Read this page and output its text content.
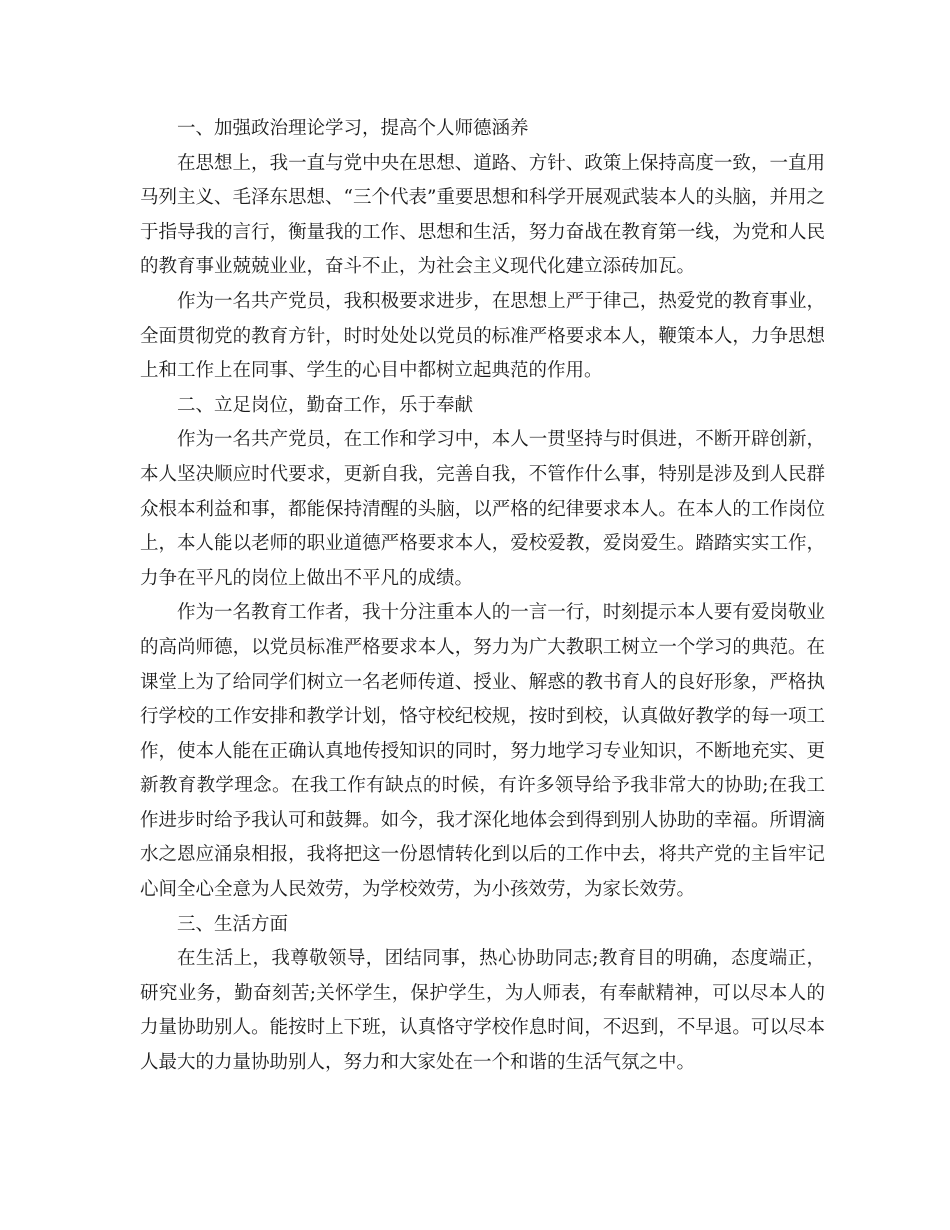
一、加强政治理论学习，提高个人师德涵养

在思想上，我一直与党中央在思想、道路、方针、政策上保持高度一致，一直用马列主义、毛泽东思想、“三个代表”重要思想和科学开展观武装本人的头脑，并用之于指导我的言行，衡量我的工作、思想和生活，努力奋战在教育第一线，为党和人民的教育事业兢兢业业，奋斗不止，为社会主义现代化建立添砖加瓦。

作为一名共产党员，我积极要求进步，在思想上严于律己，热爱党的教育事业，全面贯彻党的教育方针，时时处处以党员的标准严格要求本人，鞭策本人，力争思想上和工作上在同事、学生的心目中都树立起典范的作用。

二、立足岗位，勤奋工作，乐于奉献

作为一名共产党员，在工作和学习中，本人一贯坚持与时俱进，不断开辟创新，本人坚决顺应时代要求，更新自我，完善自我，不管作什么事，特别是涉及到人民群众根本利益和事，都能保持清醒的头脑，以严格的纪律要求本人。在本人的工作岗位上，本人能以老师的职业道德严格要求本人，爱校爱教，爱岗爱生。踏踏实实工作，力争在平凡的岗位上做出不平凡的成绩。

作为一名教育工作者，我十分注重本人的一言一行，时刻提示本人要有爱岗敬业的高尚师德，以党员标准严格要求本人，努力为广大教职工树立一个学习的典范。在课堂上为了给同学们树立一名老师传道、授业、解惑的教书育人的良好形象，严格执行学校的工作安排和教学计划，恪守校纪校规，按时到校，认真做好教学的每一项工作，使本人能在正确认真地传授知识的同时，努力地学习专业知识，不断地充实、更新教育教学理念。在我工作有缺点的时候，有许多领导给予我非常大的协助;在我工作进步时给予我认可和鼓舞。如今，我才深化地体会到得到别人协助的幸福。所谓滴水之恩应涌泉相报，我将把这一份恩情转化到以后的工作中去，将共产党的主旨牢记心间全心全意为人民效劳，为学校效劳，为小孩效劳，为家长效劳。

三、生活方面

在生活上，我尊敬领导，团结同事，热心协助同志;教育目的明确，态度端正，研究业务，勤奋刻苦;关怀学生，保护学生，为人师表，有奉献精神，可以尽本人的力量协助别人。能按时上下班，认真恪守学校作息时间，不迟到，不早退。可以尽本人最大的力量协助别人，努力和大家处在一个和谐的生活气氛之中。
